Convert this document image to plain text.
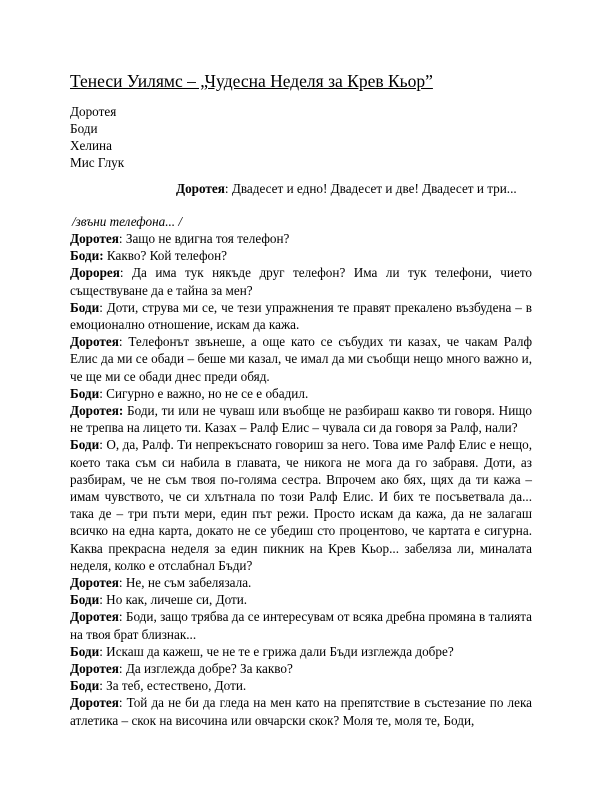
Тенеси Уилямс – „Чудесна Неделя за Крев Кьор”
Доротея
Боди
Хелина
Мис Глук
Доротея: Двадесет и едно! Двадесет и две! Двадесет и три...
/звъни телефона... /

Доротея: Защо не вдигна тоя телефон?

Боди: Какво? Кой телефон?

Дорорея: Да има тук някъде друг телефон? Има ли тук телефони, чието съществуване да е тайна за мен?

Боди: Доти, струва ми се, че тези упражнения те правят прекалено възбудена – в емоционално отношение, искам да кажа.

Доротея: Телефонът звънеше, а още като се събудих ти казах, че чакам Ралф Елис да ми се обади – беше ми казал, че имал да ми съобщи нещо много важно и, че ще ми се обади днес преди обяд.

Боди: Сигурно е важно, но не се е обадил.

Доротея: Боди, ти или не чуваш или въобще не разбираш какво ти говоря. Нищо не трепва на лицето ти. Казах – Ралф Елис – чувала си да говоря за Ралф, нали?

Боди: О, да, Ралф. Ти непрекъснато говориш за него. Това име Ралф Елис е нещо, което така съм си набила в главата, че никога не мога да го забравя. Доти, аз разбирам, че не съм твоя по-голяма сестра. Впрочем ако бях, щях да ти кажа – имам чувството, че си хлътнала по този Ралф Елис. И бих те посъветвала да... така де – три пъти мери, един път режи. Просто искам да кажа, да не залагаш всичко на една карта, докато не се убедиш сто процентово, че картата е сигурна. Каква прекрасна неделя за един пикник на Крев Кьор... забеляза ли, миналата неделя, колко е отслабнал Бъди?

Доротея: Не, не съм забелязала.

Боди: Но как, личеше си, Доти.

Доротея: Боди, защо трябва да се интересувам от всяка дребна промяна в талията на твоя брат близнак...

Боди: Искаш да кажеш, че не те е грижа дали Бъди изглежда добре?

Доротея: Да изглежда добре? За какво?

Боди: За теб, естествено, Доти.

Доротея: Той да не би да гледа на мен като на препятствие в състезание по лека атлетика – скок на височина или овчарски скок? Моля те, моля те, Боди,
